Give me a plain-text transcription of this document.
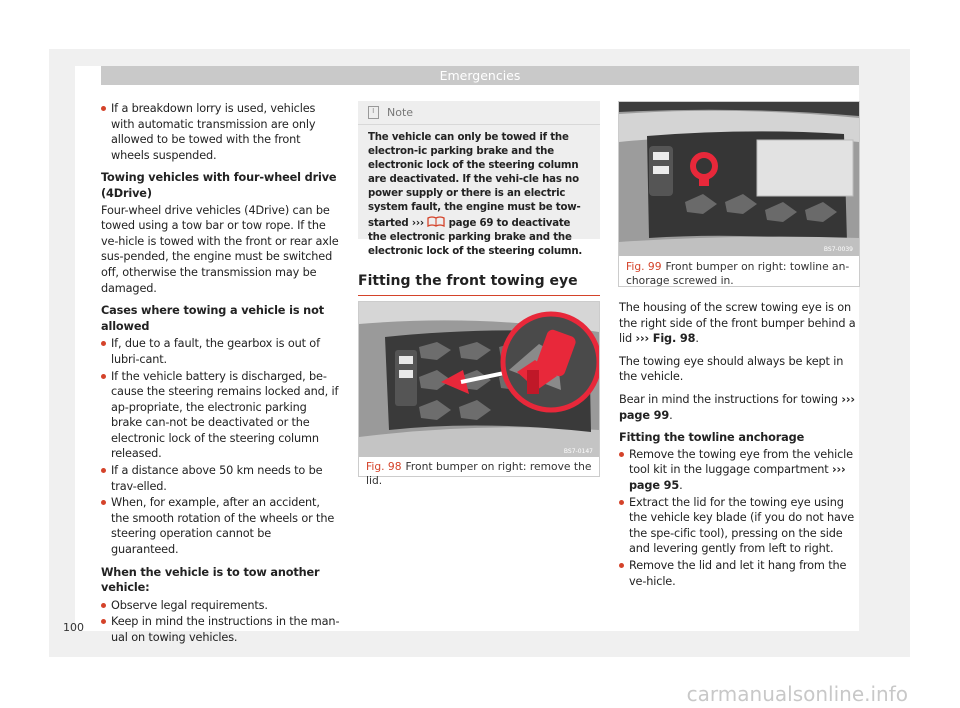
Emergencies

If a breakdown lorry is used, vehicles with automatic transmission are only allowed to be towed with the front wheels suspended.

Towing vehicles with four-wheel drive (4Drive)

Four-wheel drive vehicles (4Drive) can be towed using a tow bar or tow rope. If the ve-hicle is towed with the front or rear axle sus-pended, the engine must be switched off, otherwise the transmission may be damaged.

Cases where towing a vehicle is not allowed

If, due to a fault, the gearbox is out of lubri-cant.

If the vehicle battery is discharged, be-cause the steering remains locked and, if ap-propriate, the electronic parking brake can-not be deactivated or the electronic lock of the steering column released.

If a distance above 50 km needs to be trav-elled.

When, for example, after an accident, the smooth rotation of the wheels or the steering operation cannot be guaranteed.

When the vehicle is to tow another vehicle:

Observe legal requirements.

Keep in mind the instructions in the man-ual on towing vehicles.

i
Note
The vehicle can only be towed if the electron-ic parking brake and the electronic lock of the steering column are deactivated. If the vehi-cle has no power supply or there is an electric system fault, the engine must be tow-started ››› page 69 to deactivate the electronic parking brake and the electronic lock of the steering column.
Fitting the front towing eye
BS7-0147
Fig. 98 Front bumper on right: remove the lid.
BS7-0039
Fig. 99 Front bumper on right: towline an-chorage screwed in.

The housing of the screw towing eye is on the right side of the front bumper behind a lid ››› Fig. 98.

The towing eye should always be kept in the vehicle.

Bear in mind the instructions for towing ››› page 99.

Fitting the towline anchorage

Remove the towing eye from the vehicle tool kit in the luggage compartment ››› page 95.

Extract the lid for the towing eye using the vehicle key blade (if you do not have the spe-cific tool), pressing on the side and levering gently from left to right.

Remove the lid and let it hang from the ve-hicle.

100
carmanualsonline.info
